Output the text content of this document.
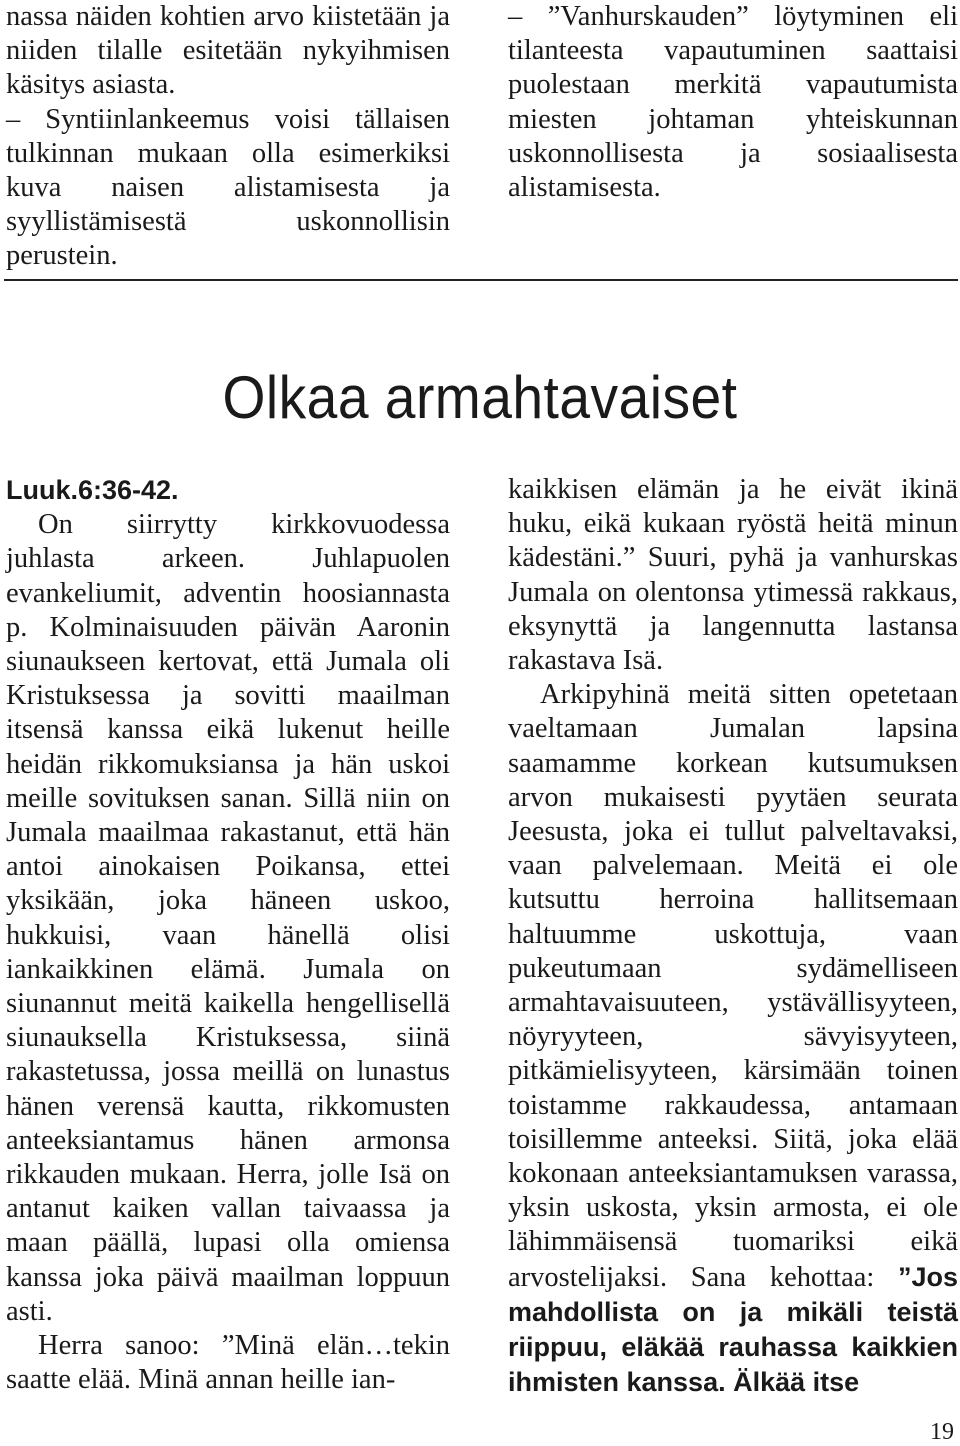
nassa näiden kohtien arvo kiistetään ja niiden tilalle esitetään nykyihmisen käsitys asiasta.

– Syntiinlankeemus voisi tällaisen tulkinnan mukaan olla esimerkiksi kuva naisen alistamisesta ja syyllistämisestä uskonnollisin perustein.

– ”Vanhurskauden” löytyminen eli tilanteesta vapautuminen saattaisi puolestaan merkitä vapautumista miesten johtaman yhteiskunnan uskonnollisesta ja sosiaalisesta alistamisesta.

Olkaa armahtavaiset

Luuk.6:36-42.

On siirrytty kirkkovuodessa juhlasta arkeen. Juhlapuolen evankeliumit, adventin hoosiannasta p. Kolminaisuuden päivän Aaronin siunaukseen kertovat, että Jumala oli Kristuksessa ja sovitti maailman itsensä kanssa eikä lukenut heille heidän rikkomuksiansa ja hän uskoi meille sovituksen sanan. Sillä niin on Jumala maailmaa rakastanut, että hän antoi ainokaisen Poikansa, ettei yksikään, joka häneen uskoo, hukkuisi, vaan hänellä olisi iankaikkinen elämä. Jumala on siunannut meitä kaikella hengellisellä siunauksella Kristuksessa, siinä rakastetussa, jossa meillä on lunastus hänen verensä kautta, rikkomusten anteeksiantamus hänen armonsa rikkauden mukaan. Herra, jolle Isä on antanut kaiken vallan taivaassa ja maan päällä, lupasi olla omiensa kanssa joka päivä maailman loppuun asti.

Herra sanoo: ”Minä elän…tekin saatte elää. Minä annan heille ian-

kaikkisen elämän ja he eivät ikinä huku, eikä kukaan ryöstä heitä minun kädestäni.” Suuri, pyhä ja vanhurskas Jumala on olentonsa ytimessä rakkaus, eksynyttä ja langennutta lastansa rakastava Isä.

Arkipyhinä meitä sitten opetetaan vaeltamaan Jumalan lapsina saamamme korkean kutsumuksen arvon mukaisesti pyytäen seurata Jeesusta, joka ei tullut palveltavaksi, vaan palvelemaan. Meitä ei ole kutsuttu herroina hallitsemaan haltuumme uskottuja, vaan pukeutumaan sydämelliseen armahtavaisuuteen, ystävällisyyteen, nöyryyteen, sävyisyyteen, pitkämielisyyteen, kärsimään toinen toistamme rakkaudessa, antamaan toisillemme anteeksi. Siitä, joka elää kokonaan anteeksiantamuksen varassa, yksin uskosta, yksin armosta, ei ole lähimmäisensä tuomariksi eikä arvostelijaksi. Sana kehottaa: ”Jos mahdollista on ja mikäli teistä riippuu, eläkää rauhassa kaikkien ihmisten kanssa. Älkää itse

19
